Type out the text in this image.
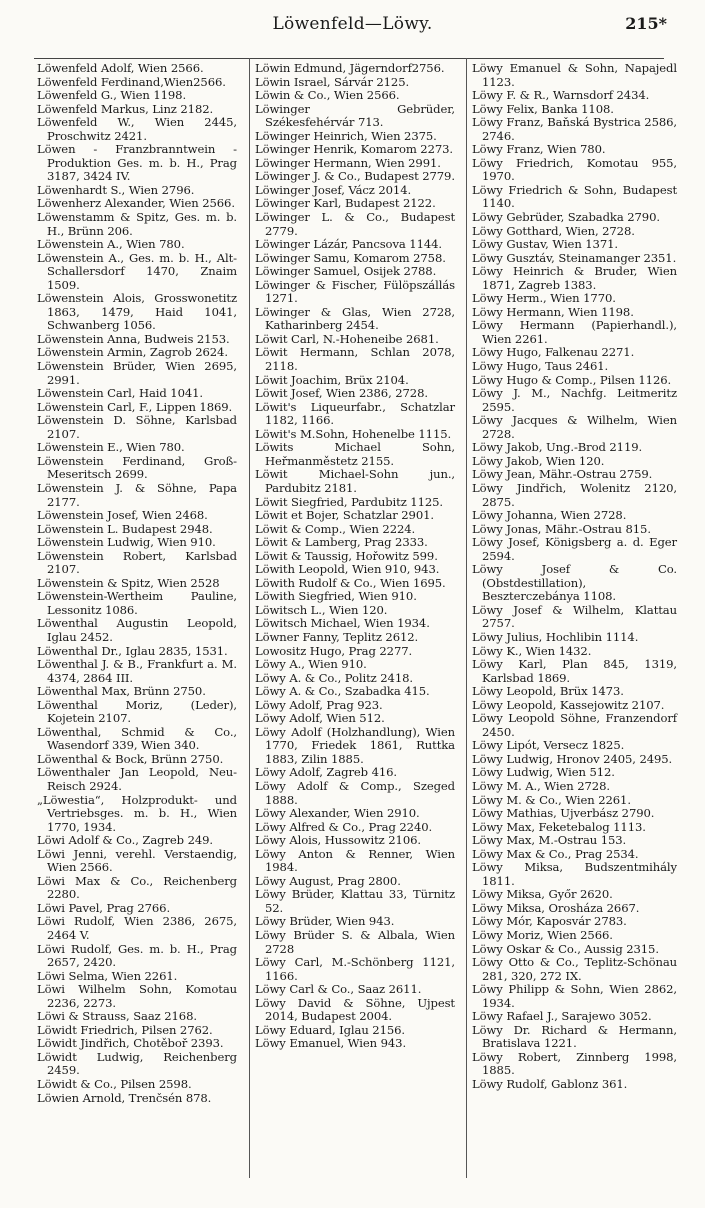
Löwenfeld—Löwy.	215*
Löwenfeld Adolf, Wien 2566.
Löwenfeld Ferdinand,Wien2566.
Löwenfeld G., Wien 1198.
Löwenfeld Markus, Linz 2182.
Löwenfeld W., Wien 2445, Proschwitz 2421.
Löwen - Franzbranntwein - Produktion Ges. m. b. H., Prag 3187, 3424 IV.
Löwenhardt S., Wien 2796.
Löwenherz Alexander, Wien 2566.
Löwenstamm & Spitz, Ges. m. b. H., Brünn 206.
Löwenstein A., Wien 780.
Löwenstein A., Ges. m. b. H., Alt-Schallersdorf 1470, Znaim 1509.
Löwenstein Alois, Grosswonetitz 1863, 1479, Haid 1041, Schwanberg 1056.
Löwenstein Anna, Budweis 2153.
Löwenstein Armin, Zagrob 2624.
Löwenstein Brüder, Wien 2695, 2991.
Löwenstein Carl, Haid 1041.
Löwenstein Carl, F., Lippen 1869.
Löwenstein D. Söhne, Karlsbad 2107.
Löwenstein E., Wien 780.
Löwenstein Ferdinand, Groß-Meseritsch 2699.
Löwenstein J. & Söhne, Papa 2177.
Löwenstein Josef, Wien 2468.
Löwenstein L. Budapest 2948.
Löwenstein Ludwig, Wien 910.
Löwenstein Robert, Karlsbad 2107.
Löwenstein & Spitz, Wien 2528
Löwenstein-Wertheim Pauline, Lessonitz 1086.
Löwenthal Augustin Leopold, Iglau 2452.
Löwenthal Dr., Iglau 2835, 1531.
Löwenthal J. & B., Frankfurt a. M. 4374, 2864 III.
Löwenthal Max, Brünn 2750.
Löwenthal Moriz, (Leder), Kojetein 2107.
Löwenthal, Schmid & Co., Wasendorf 339, Wien 340.
Löwenthal & Bock, Brünn 2750.
Löwenthaler Jan Leopold, Neu-Reisch 2924.
„Löwestia“, Holzprodukt- und Vertriebsges. m. b. H., Wien 1770, 1934.
Löwi Adolf & Co., Zagreb 249.
Löwi Jenni, verehl. Verstaendig, Wien 2566.
Löwi Max & Co., Reichenberg 2280.
Löwi Pavel, Prag 2766.
Löwi Rudolf, Wien 2386, 2675, 2464 V.
Löwi Rudolf, Ges. m. b. H., Prag 2657, 2420.
Löwi Selma, Wien 2261.
Löwi Wilhelm Sohn, Komotau 2236, 2273.
Löwi & Strauss, Saaz 2168.
Löwidt Friedrich, Pilsen 2762.
Löwidt Jindřich, Chotěboř 2393.
Löwidt Ludwig, Reichenberg 2459.
Löwidt & Co., Pilsen 2598.
Löwien Arnold, Trenčsén 878.
Löwin Edmund, Jägerndorf2756.
Löwin Israel, Sárvár 2125.
Löwin & Co., Wien 2566.
Löwinger Gebrüder, Székesfehérvár 713.
Löwinger Heinrich, Wien 2375.
Löwinger Henrik, Komarom 2273.
Löwinger Hermann, Wien 2991.
Löwinger J. & Co., Budapest 2779.
Löwinger Josef, Vácz 2014.
Löwinger Karl, Budapest 2122.
Löwinger L. & Co., Budapest 2779.
Löwinger Lázár, Pancsova 1144.
Löwinger Samu, Komarom 2758.
Löwinger Samuel, Osijek 2788.
Löwinger & Fischer, Fülöpszállás 1271.
Löwinger & Glas, Wien 2728, Katharinberg 2454.
Löwit Carl, N.-Hoheneibe 2681.
Löwit Hermann, Schlan 2078, 2118.
Löwit Joachim, Brüx 2104.
Löwit Josef, Wien 2386, 2728.
Löwit's Liqueurfabr., Schatzlar 1182, 1166.
Löwit's M.Sohn, Hohenelbe 1115.
Löwits Michael Sohn, Heřmanměstetz 2155.
Löwit Michael-Sohn jun., Pardubitz 2181.
Löwit Siegfried, Pardubitz 1125.
Löwit et Bojer, Schatzlar 2901.
Löwit & Comp., Wien 2224.
Löwit & Lamberg, Prag 2333.
Löwit & Taussig, Hořowitz 599.
Löwith Leopold, Wien 910, 943.
Löwith Rudolf & Co., Wien 1695.
Löwith Siegfried, Wien 910.
Löwitsch L., Wien 120.
Löwitsch Michael, Wien 1934.
Löwner Fanny, Teplitz 2612.
Lowositz Hugo, Prag 2277.
Löwy A., Wien 910.
Löwy A. & Co., Politz 2418.
Löwy A. & Co., Szabadka 415.
Löwy Adolf, Prag 923.
Löwy Adolf, Wien 512.
Löwy Adolf (Holzhandlung), Wien 1770, Friedek 1861, Ruttka 1883, Zilin 1885.
Löwy Adolf, Zagreb 416.
Löwy Adolf & Comp., Szeged 1888.
Löwy Alexander, Wien 2910.
Löwy Alfred & Co., Prag 2240.
Löwy Alois, Hussowitz 2106.
Löwy Anton & Renner, Wien 1984.
Löwy August, Prag 2800.
Löwy Brüder, Klattau 33, Türnitz 52.
Löwy Brüder, Wien 943.
Löwy Brüder S. & Albala, Wien 2728
Löwy Carl, M.-Schönberg 1121, 1166.
Löwy Carl & Co., Saaz 2611.
Löwy David & Söhne, Ujpest 2014, Budapest 2004.
Löwy Eduard, Iglau 2156.
Löwy Emanuel, Wien 943.
Löwy Emanuel & Sohn, Napajedl 1123.
Löwy F. & R., Warnsdorf 2434.
Löwy Felix, Banka 1108.
Löwy Franz, Baňská Bystrica 2586, 2746.
Löwy Franz, Wien 780.
Löwy Friedrich, Komotau 955, 1970.
Löwy Friedrich & Sohn, Budapest 1140.
Löwy Gebrüder, Szabadka 2790.
Löwy Gotthard, Wien, 2728.
Löwy Gustav, Wien 1371.
Löwy Gusztáv, Steinamanger 2351.
Löwy Heinrich & Bruder, Wien 1871, Zagreb 1383.
Löwy Herm., Wien 1770.
Löwy Hermann, Wien 1198.
Löwy Hermann (Papierhandl.), Wien 2261.
Löwy Hugo, Falkenau 2271.
Löwy Hugo, Taus 2461.
Löwy Hugo & Comp., Pilsen 1126.
Löwy J. M., Nachfg. Leitmeritz 2595.
Löwy Jacques & Wilhelm, Wien 2728.
Löwy Jakob, Ung.-Brod 2119.
Löwy Jakob, Wien 120.
Löwy Jean, Mähr.-Ostrau 2759.
Löwy Jindřich, Wolenitz 2120, 2875.
Löwy Johanna, Wien 2728.
Löwy Jonas, Mähr.-Ostrau 815.
Löwy Josef, Königsberg a. d. Eger 2594.
Löwy Josef & Co. (Obstdestillation), Beszterczebánya 1108.
Löwy Josef & Wilhelm, Klattau 2757.
Löwy Julius, Hochlibin 1114.
Löwy K., Wien 1432.
Löwy Karl, Plan 845, 1319, Karlsbad 1869.
Löwy Leopold, Brüx 1473.
Löwy Leopold, Kassejowitz 2107.
Löwy Leopold Söhne, Franzendorf 2450.
Löwy Lipót, Versecz 1825.
Löwy Ludwig, Hronov 2405, 2495.
Löwy Ludwig, Wien 512.
Löwy M. A., Wien 2728.
Löwy M. & Co., Wien 2261.
Löwy Mathias, Ujverbász 2790.
Löwy Max, Feketebalog 1113.
Löwy Max, M.-Ostrau 153.
Löwy Max & Co., Prag 2534.
Löwy Miksa, Budszentmihály 1811.
Löwy Miksa, Győr 2620.
Löwy Miksa, Orosháza 2667.
Löwy Mór, Kaposvár 2783.
Löwy Moriz, Wien 2566.
Löwy Oskar & Co., Aussig 2315.
Löwy Otto & Co., Teplitz-Schönau 281, 320, 272 IX.
Löwy Philipp & Sohn, Wien 2862, 1934.
Löwy Rafael J., Sarajewo 3052.
Löwy Dr. Richard & Hermann, Bratislava 1221.
Löwy Robert, Zinnberg 1998, 1885.
Löwy Rudolf, Gablonz 361.
